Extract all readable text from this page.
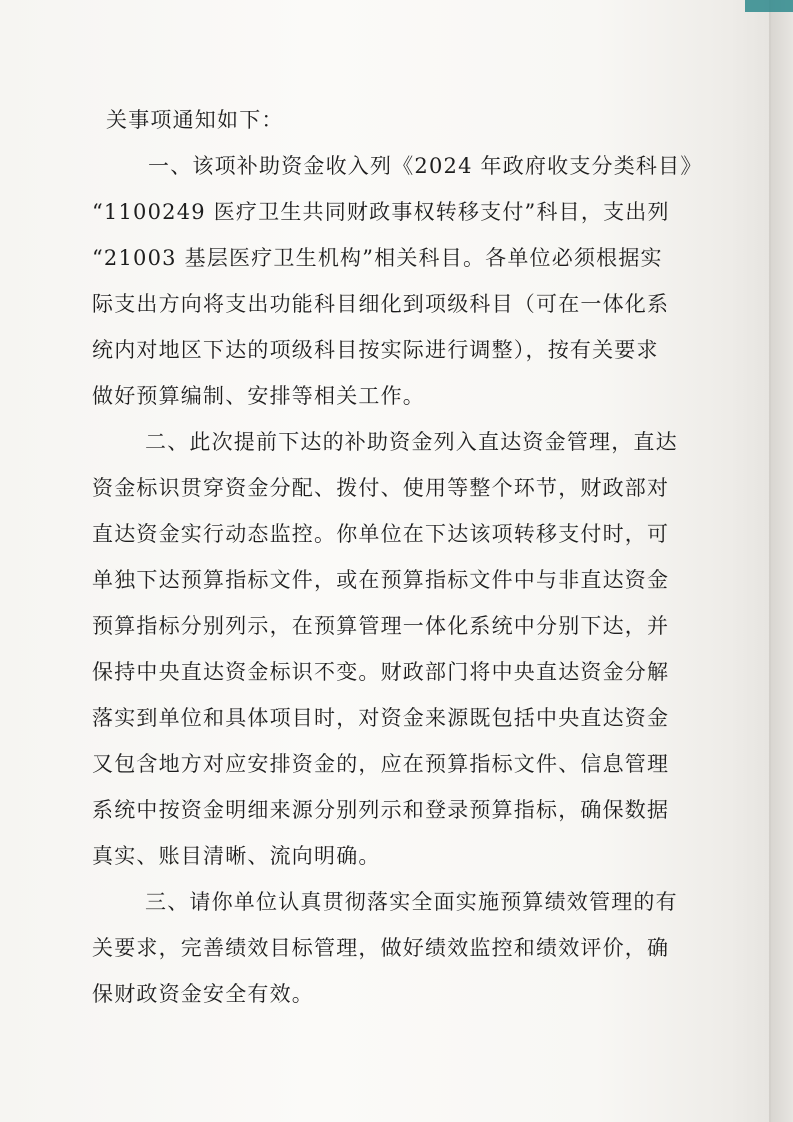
关事项通知如下：
一、该项补助资金收入列《2024 年政府收支分类科目》
“1100249 医疗卫生共同财政事权转移支付”科目，支出列
“21003 基层医疗卫生机构”相关科目。各单位必须根据实
际支出方向将支出功能科目细化到项级科目（可在一体化系
统内对地区下达的项级科目按实际进行调整），按有关要求
做好预算编制、安排等相关工作。
二、此次提前下达的补助资金列入直达资金管理，直达
资金标识贯穿资金分配、拨付、使用等整个环节，财政部对
直达资金实行动态监控。你单位在下达该项转移支付时，可
单独下达预算指标文件，或在预算指标文件中与非直达资金
预算指标分别列示，在预算管理一体化系统中分别下达，并
保持中央直达资金标识不变。财政部门将中央直达资金分解
落实到单位和具体项目时，对资金来源既包括中央直达资金
又包含地方对应安排资金的，应在预算指标文件、信息管理
系统中按资金明细来源分别列示和登录预算指标，确保数据
真实、账目清晰、流向明确。
三、请你单位认真贯彻落实全面实施预算绩效管理的有
关要求，完善绩效目标管理，做好绩效监控和绩效评价，确
保财政资金安全有效。
